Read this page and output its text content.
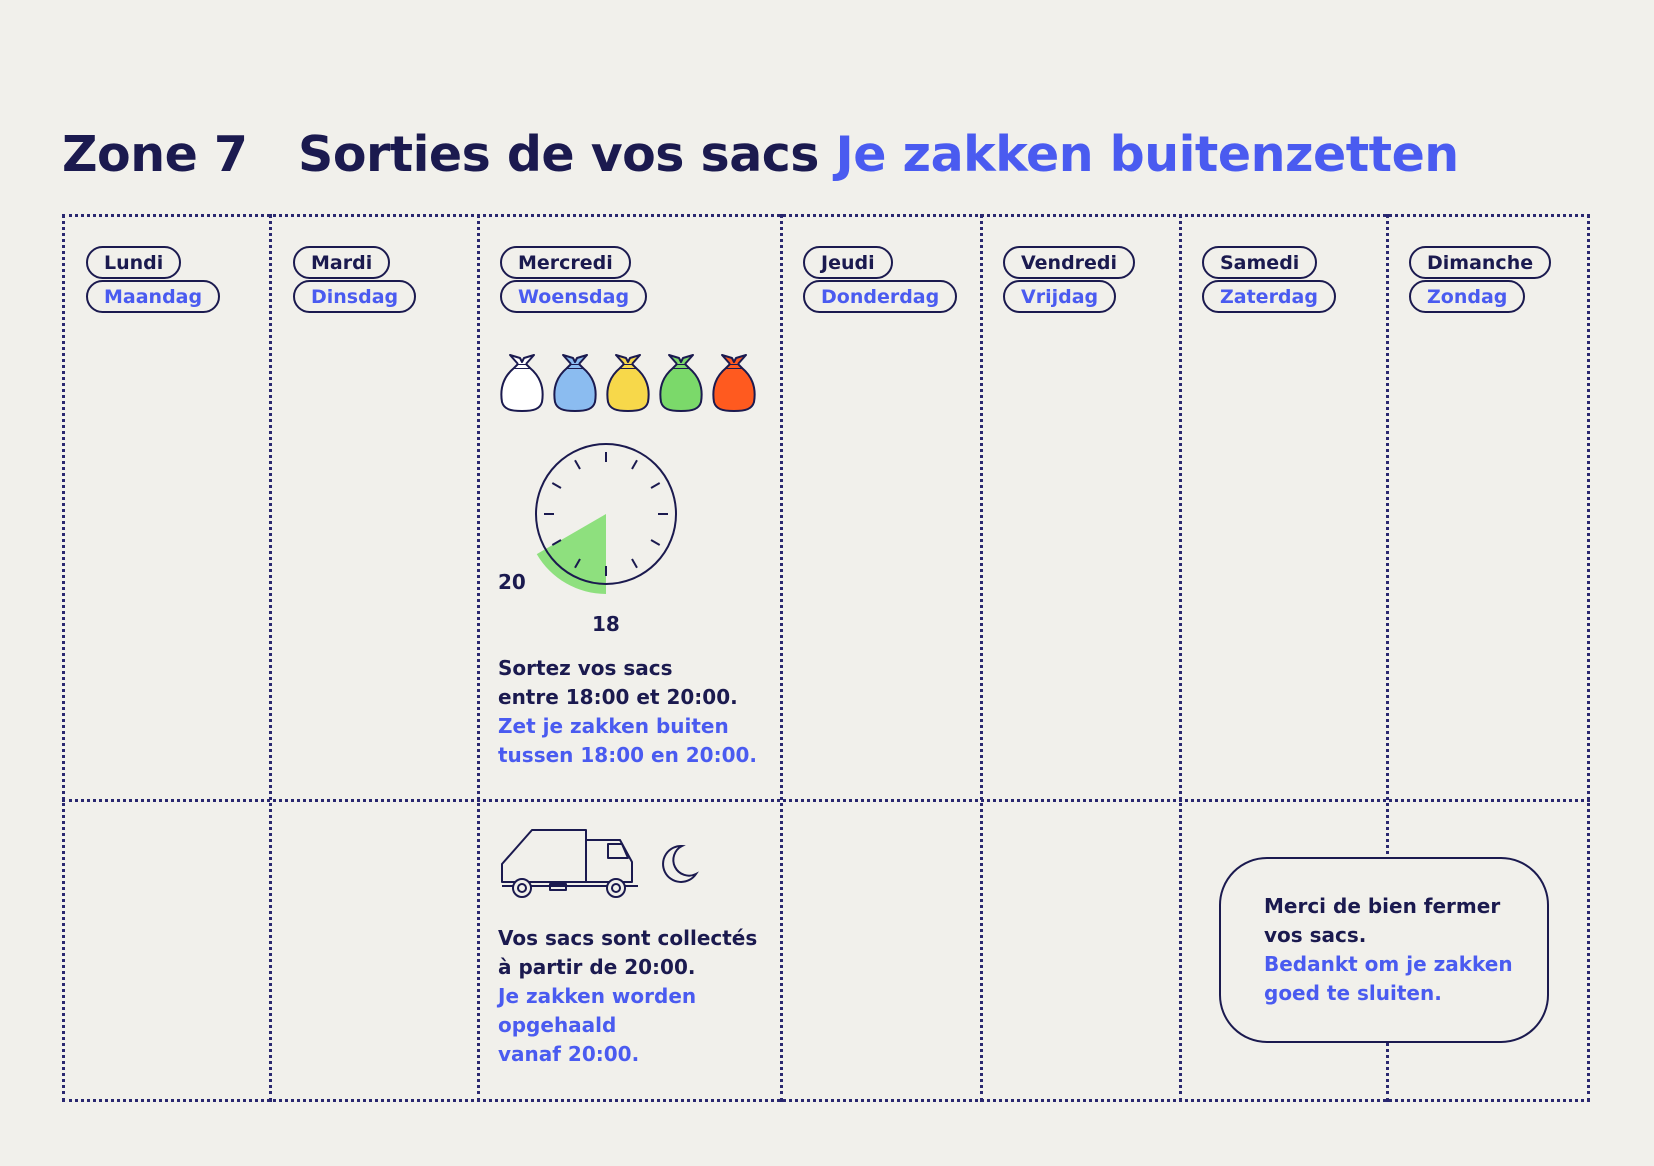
Zone 7 Sorties de vos sacs Je zakken buitenzetten
Lundi
Maandag
Mardi
Dinsdag
Mercredi
Woensdag
Jeudi
Donderdag
Vendredi
Vrijdag
Samedi
Zaterdag
Dimanche
Zondag
20
18
Sortez vos sacs
entre 18:00 et 20:00.
Zet je zakken buiten
tussen 18:00 en 20:00.
Vos sacs sont collectés
à partir de 20:00.
Je zakken worden
opgehaald
vanaf 20:00.
Merci de bien fermer
vos sacs.
Bedankt om je zakken
goed te sluiten.
